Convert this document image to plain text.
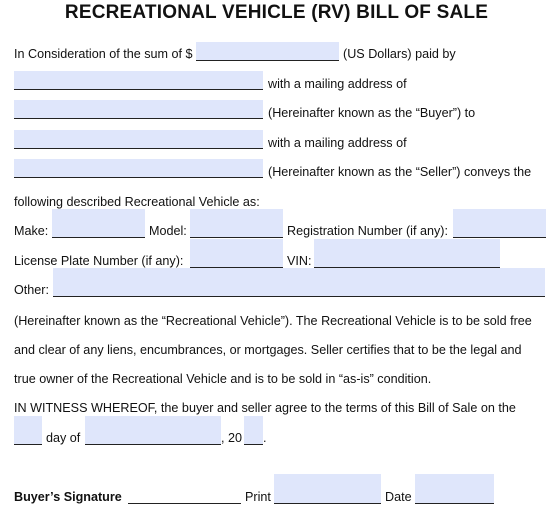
RECREATIONAL VEHICLE (RV) BILL OF SALE
In Consideration of the sum of $	(US Dollars) paid by
with a mailing address of
(Hereinafter known as the “Buyer”) to
with a mailing address of
(Hereinafter known as the “Seller”) conveys the
following described Recreational Vehicle as:
Make:	Model:	Registration Number (if any):
License Plate Number (if any):	VIN:
Other:
(Hereinafter known as the “Recreational Vehicle”). The Recreational Vehicle is to be sold free
and clear of any liens, encumbrances, or mortgages. Seller certifies that to be the legal and
true owner of the Recreational Vehicle and is to be sold in “as-is” condition.
IN WITNESS WHEREOF, the buyer and seller agree to the terms of this Bill of Sale on the
day of	, 20 .
Buyer’s Signature	Print	Date
